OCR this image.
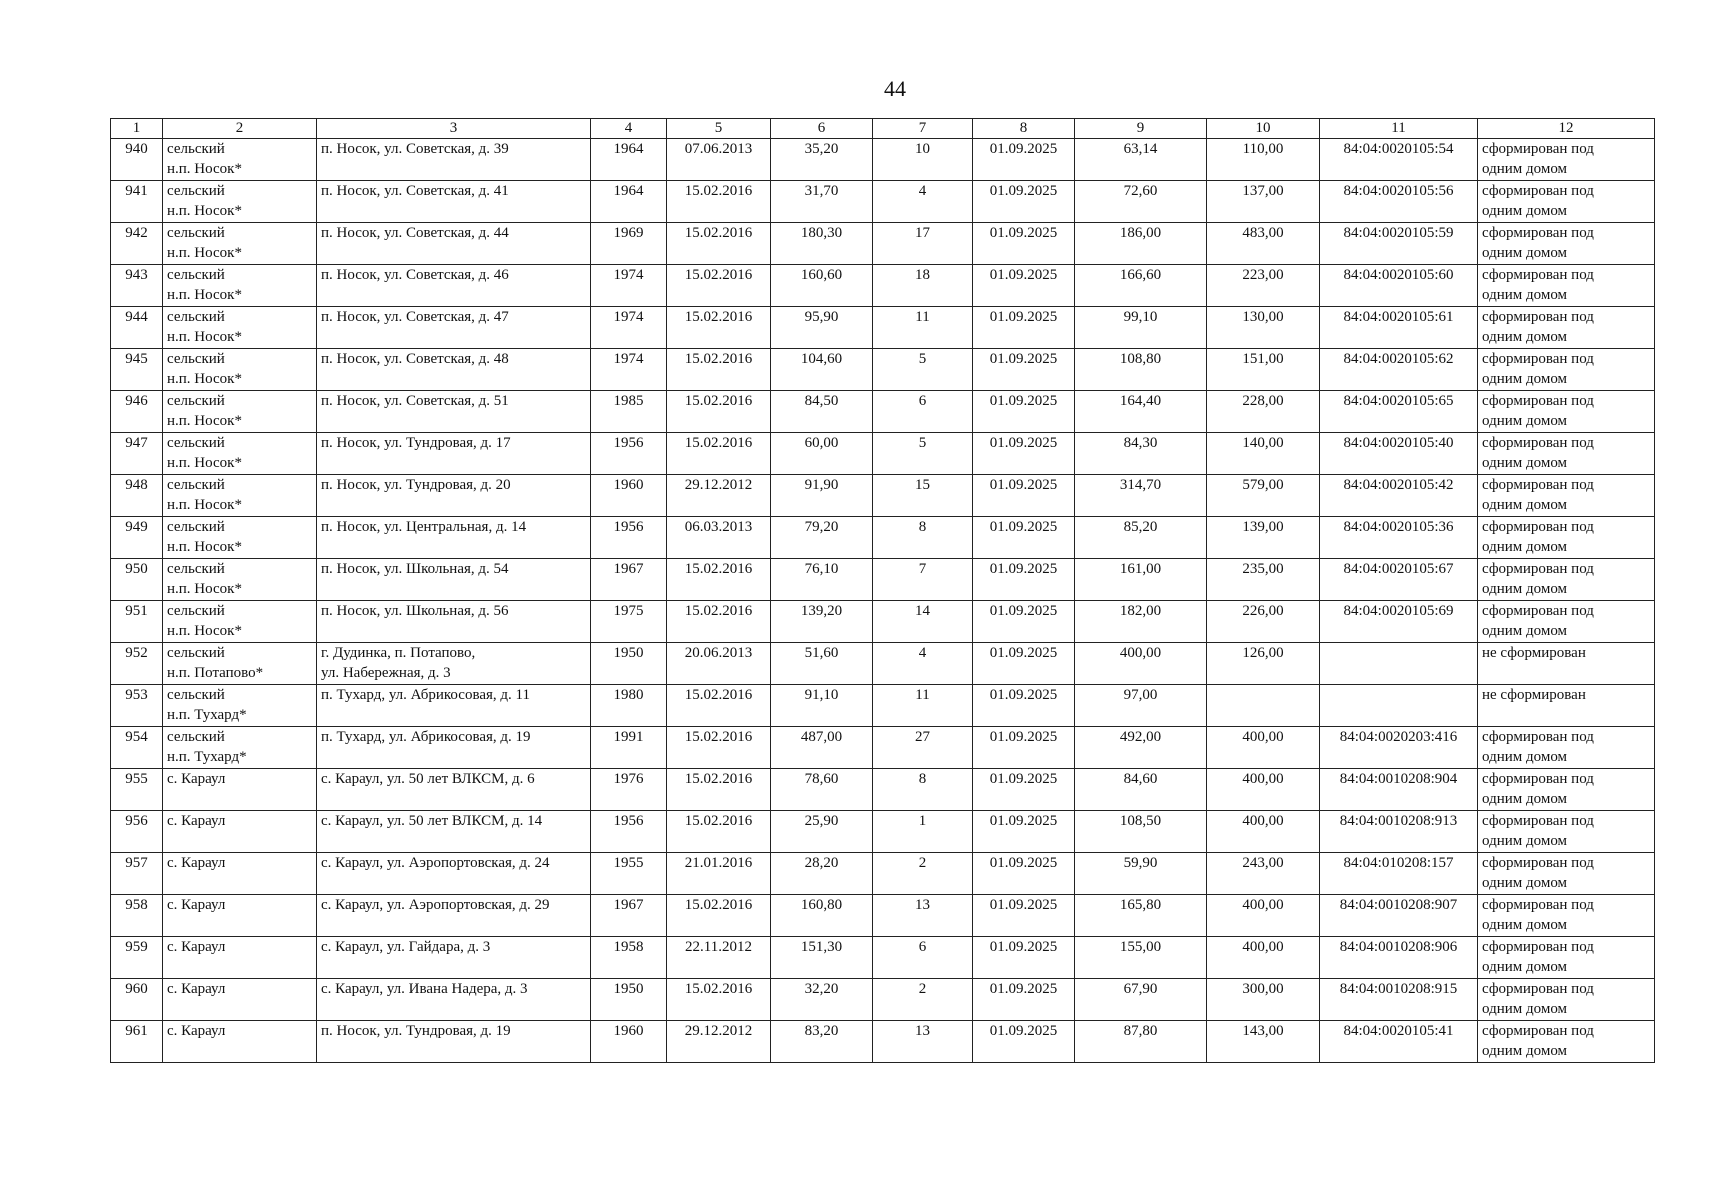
44
1	2	3	4	5	6	7	8	9	10	11	12
940	сельский
н.п. Носок*	п. Носок, ул. Советская, д. 39	1964	07.06.2013	35,20	10	01.09.2025	63,14	110,00	84:04:0020105:54	сформирован под
одним домом
941	сельский
н.п. Носок*	п. Носок, ул. Советская, д. 41	1964	15.02.2016	31,70	4	01.09.2025	72,60	137,00	84:04:0020105:56	сформирован под
одним домом
942	сельский
н.п. Носок*	п. Носок, ул. Советская, д. 44	1969	15.02.2016	180,30	17	01.09.2025	186,00	483,00	84:04:0020105:59	сформирован под
одним домом
943	сельский
н.п. Носок*	п. Носок, ул. Советская, д. 46	1974	15.02.2016	160,60	18	01.09.2025	166,60	223,00	84:04:0020105:60	сформирован под
одним домом
944	сельский
н.п. Носок*	п. Носок, ул. Советская, д. 47	1974	15.02.2016	95,90	11	01.09.2025	99,10	130,00	84:04:0020105:61	сформирован под
одним домом
945	сельский
н.п. Носок*	п. Носок, ул. Советская, д. 48	1974	15.02.2016	104,60	5	01.09.2025	108,80	151,00	84:04:0020105:62	сформирован под
одним домом
946	сельский
н.п. Носок*	п. Носок, ул. Советская, д. 51	1985	15.02.2016	84,50	6	01.09.2025	164,40	228,00	84:04:0020105:65	сформирован под
одним домом
947	сельский
н.п. Носок*	п. Носок, ул. Тундровая, д. 17	1956	15.02.2016	60,00	5	01.09.2025	84,30	140,00	84:04:0020105:40	сформирован под
одним домом
948	сельский
н.п. Носок*	п. Носок, ул. Тундровая, д. 20	1960	29.12.2012	91,90	15	01.09.2025	314,70	579,00	84:04:0020105:42	сформирован под
одним домом
949	сельский
н.п. Носок*	п. Носок, ул. Центральная, д. 14	1956	06.03.2013	79,20	8	01.09.2025	85,20	139,00	84:04:0020105:36	сформирован под
одним домом
950	сельский
н.п. Носок*	п. Носок, ул. Школьная, д. 54	1967	15.02.2016	76,10	7	01.09.2025	161,00	235,00	84:04:0020105:67	сформирован под
одним домом
951	сельский
н.п. Носок*	п. Носок, ул. Школьная, д. 56	1975	15.02.2016	139,20	14	01.09.2025	182,00	226,00	84:04:0020105:69	сформирован под
одним домом
952	сельский
н.п. Потапово*	г. Дудинка, п. Потапово,
ул. Набережная, д. 3	1950	20.06.2013	51,60	4	01.09.2025	400,00	126,00		не сформирован
953	сельский
н.п. Тухард*	п. Тухард, ул. Абрикосовая, д. 11	1980	15.02.2016	91,10	11	01.09.2025	97,00			не сформирован
954	сельский
н.п. Тухард*	п. Тухард, ул. Абрикосовая, д. 19	1991	15.02.2016	487,00	27	01.09.2025	492,00	400,00	84:04:0020203:416	сформирован под
одним домом
955	с. Караул	с. Караул, ул. 50 лет ВЛКСМ, д. 6	1976	15.02.2016	78,60	8	01.09.2025	84,60	400,00	84:04:0010208:904	сформирован под
одним домом
956	с. Караул	с. Караул, ул. 50 лет ВЛКСМ, д. 14	1956	15.02.2016	25,90	1	01.09.2025	108,50	400,00	84:04:0010208:913	сформирован под
одним домом
957	с. Караул	с. Караул, ул. Аэропортовская, д. 24	1955	21.01.2016	28,20	2	01.09.2025	59,90	243,00	84:04:010208:157	сформирован под
одним домом
958	с. Караул	с. Караул, ул. Аэропортовская, д. 29	1967	15.02.2016	160,80	13	01.09.2025	165,80	400,00	84:04:0010208:907	сформирован под
одним домом
959	с. Караул	с. Караул, ул. Гайдара, д. 3	1958	22.11.2012	151,30	6	01.09.2025	155,00	400,00	84:04:0010208:906	сформирован под
одним домом
960	с. Караул	с. Караул, ул. Ивана Надера, д. 3	1950	15.02.2016	32,20	2	01.09.2025	67,90	300,00	84:04:0010208:915	сформирован под
одним домом
961	с. Караул	п. Носок, ул. Тундровая, д. 19	1960	29.12.2012	83,20	13	01.09.2025	87,80	143,00	84:04:0020105:41	сформирован под
одним домом
